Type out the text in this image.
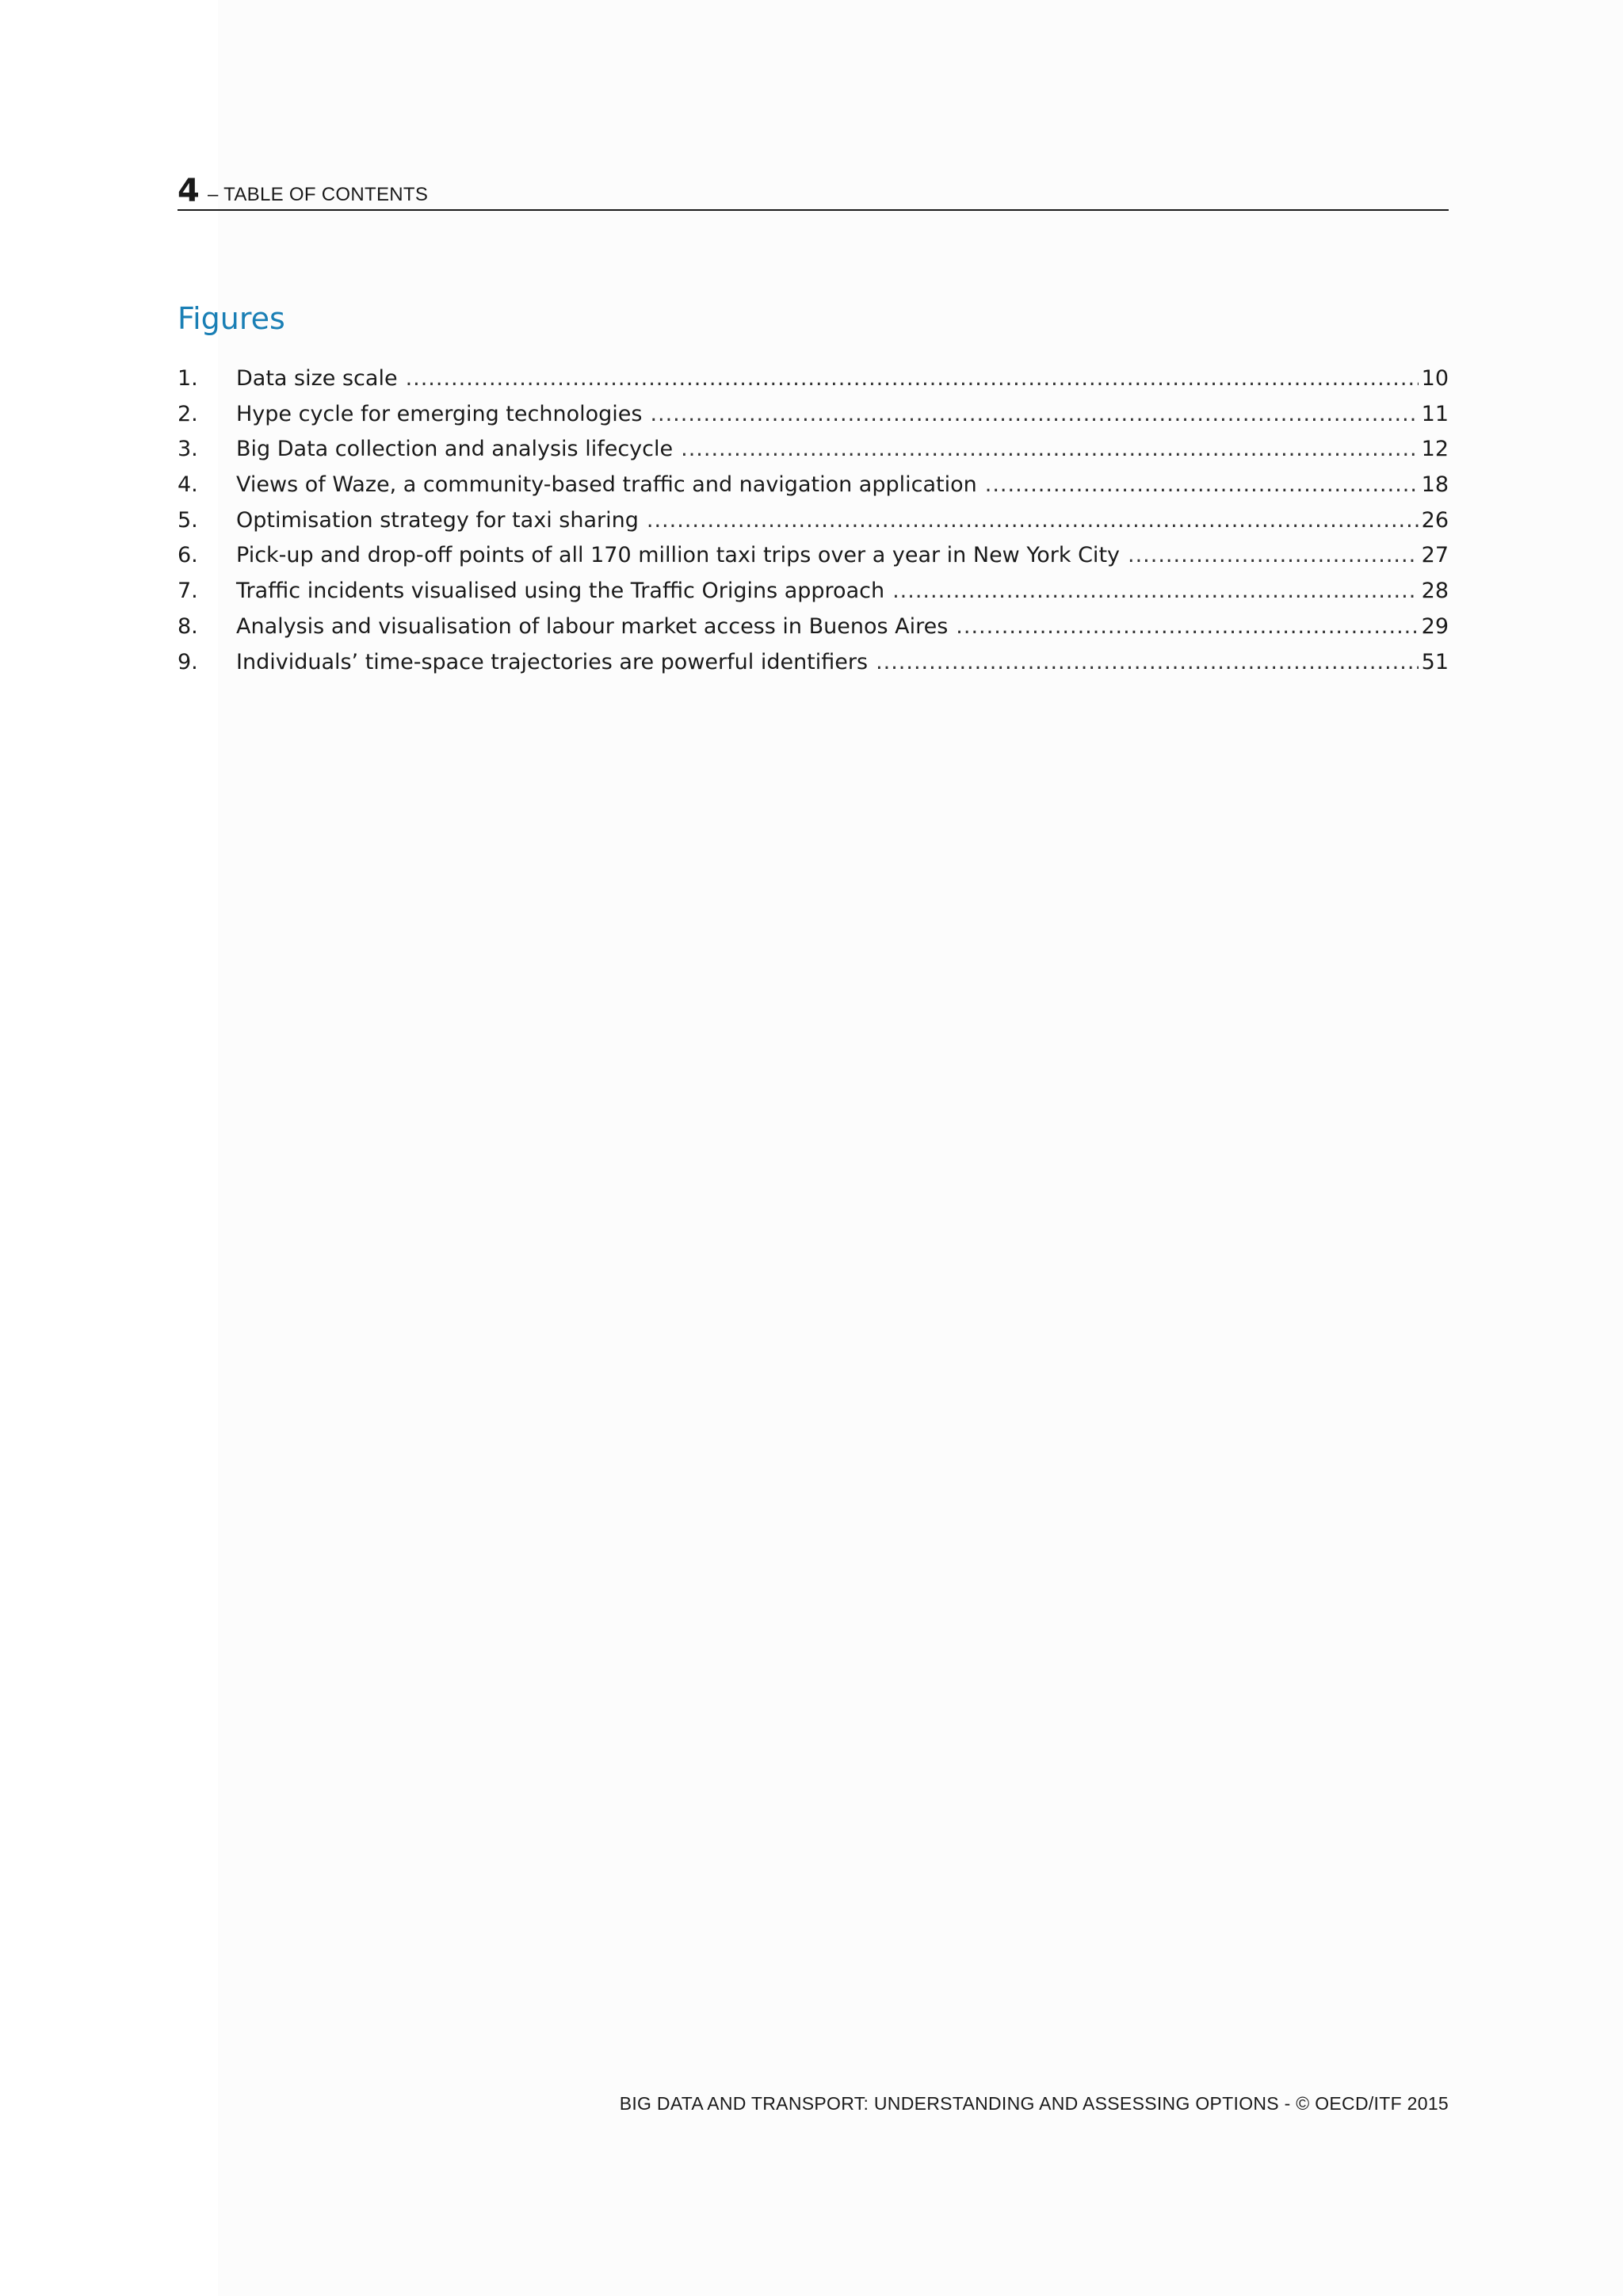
4 – TABLE OF CONTENTS
Figures
1.	Data size scale .....	10
2.	Hype cycle for emerging technologies .....	11
3.	Big Data collection and analysis lifecycle .....	12
4.	Views of Waze, a community-based traffic and navigation application .....	18
5.	Optimisation strategy for taxi sharing .....	26
6.	Pick-up and drop-off points of all 170 million taxi trips over a year in New York City .....	27
7.	Traffic incidents visualised using the Traffic Origins approach .....	28
8.	Analysis and visualisation of labour market access in Buenos Aires .....	29
9.	Individuals’ time-space trajectories are powerful identifiers .....	51
BIG DATA AND TRANSPORT: UNDERSTANDING AND ASSESSING OPTIONS - © OECD/ITF 2015
